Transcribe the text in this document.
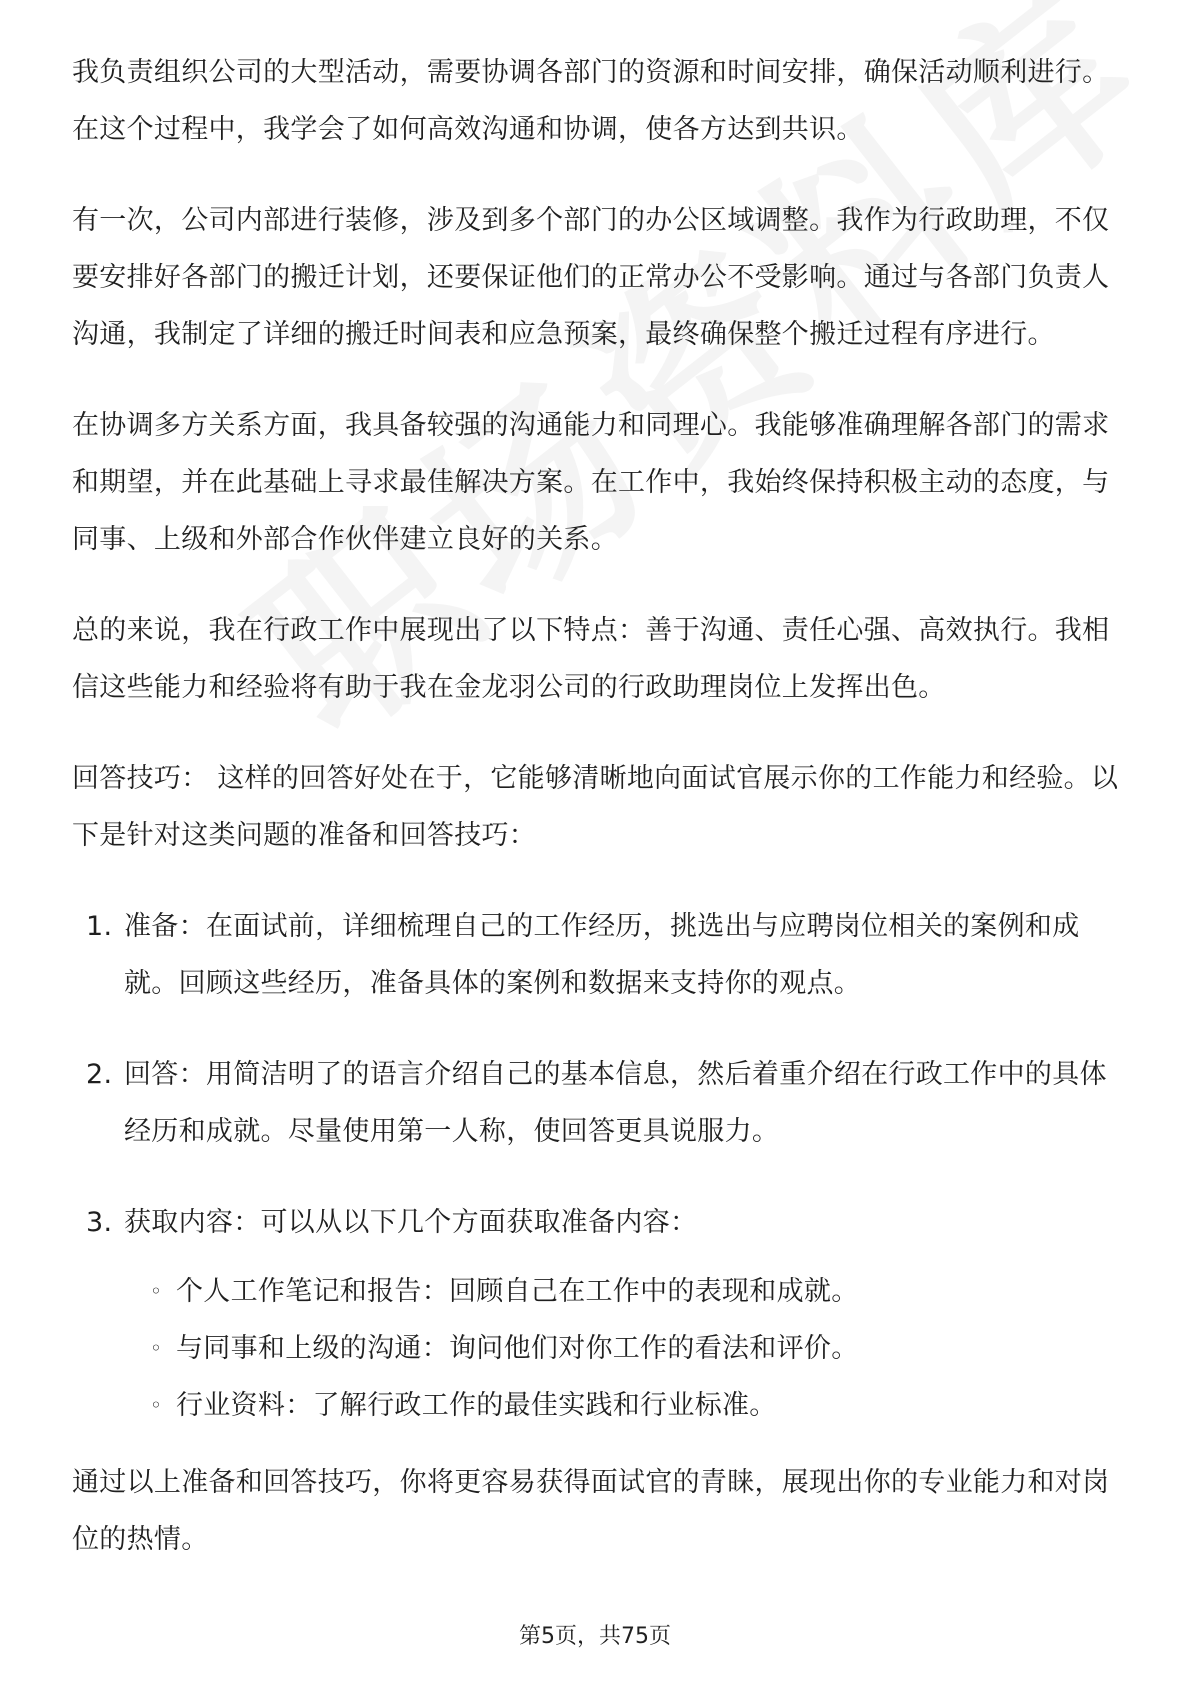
我负责组织公司的大型活动，需要协调各部门的资源和时间安排，确保活动顺利进行。在这个过程中，我学会了如何高效沟通和协调，使各方达到共识。

有一次，公司内部进行装修，涉及到多个部门的办公区域调整。我作为行政助理，不仅要安排好各部门的搬迁计划，还要保证他们的正常办公不受影响。通过与各部门负责人沟通，我制定了详细的搬迁时间表和应急预案，最终确保整个搬迁过程有序进行。

在协调多方关系方面，我具备较强的沟通能力和同理心。我能够准确理解各部门的需求和期望，并在此基础上寻求最佳解决方案。在工作中，我始终保持积极主动的态度，与同事、上级和外部合作伙伴建立良好的关系。

总的来说，我在行政工作中展现出了以下特点：善于沟通、责任心强、高效执行。我相信这些能力和经验将有助于我在金龙羽公司的行政助理岗位上发挥出色。

回答技巧： 这样的回答好处在于，它能够清晰地向面试官展示你的工作能力和经验。以下是针对这类问题的准备和回答技巧：

1. 准备：在面试前，详细梳理自己的工作经历，挑选出与应聘岗位相关的案例和成就。回顾这些经历，准备具体的案例和数据来支持你的观点。
2. 回答：用简洁明了的语言介绍自己的基本信息，然后着重介绍在行政工作中的具体经历和成就。尽量使用第一人称，使回答更具说服力。
3. 获取内容：可以从以下几个方面获取准备内容：
◦ 个人工作笔记和报告：回顾自己在工作中的表现和成就。
◦ 与同事和上级的沟通：询问他们对你工作的看法和评价。
◦ 行业资料：了解行政工作的最佳实践和行业标准。

通过以上准备和回答技巧，你将更容易获得面试官的青睐，展现出你的专业能力和对岗位的热情。

第5页，共75页
